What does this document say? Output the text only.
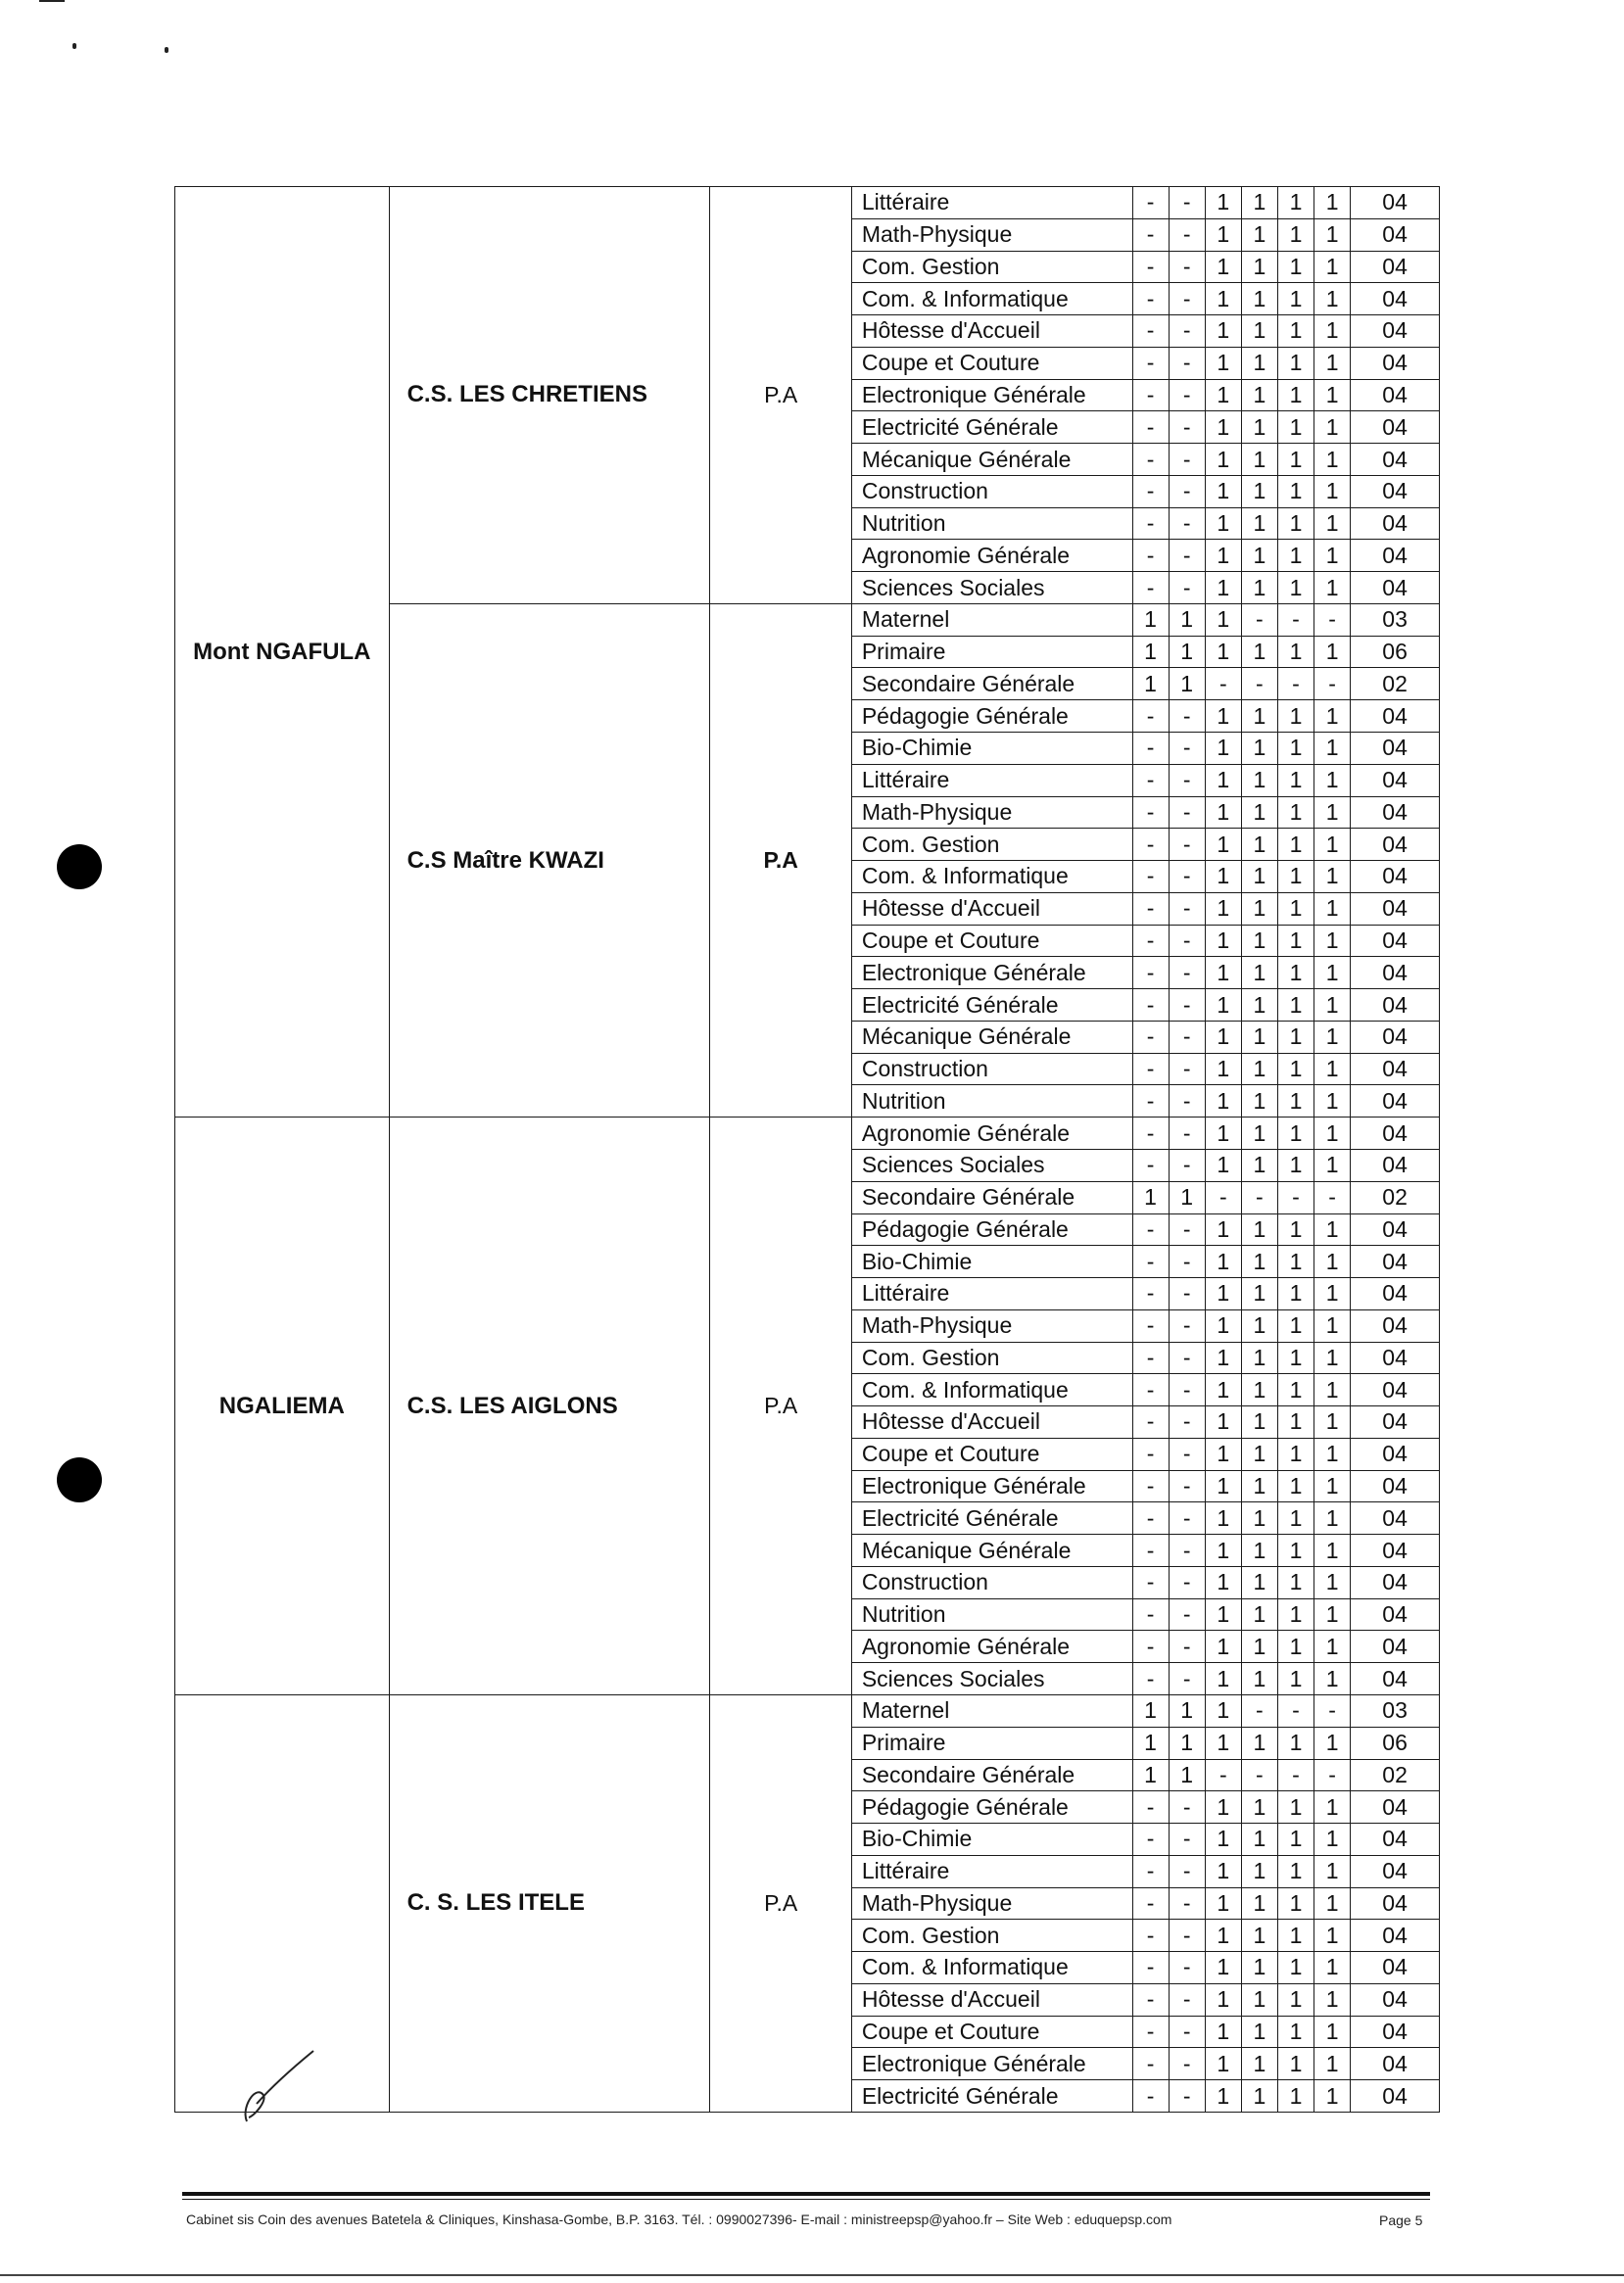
Mont NGAFULA	C.S. LES CHRETIENS	P.A	Littéraire	-	-	1	1	1	1	04
			Math-Physique	-	-	1	1	1	1	04
			Com. Gestion	-	-	1	1	1	1	04
			Com. & Informatique	-	-	1	1	1	1	04
			Hôtesse d'Accueil	-	-	1	1	1	1	04
			Coupe et Couture	-	-	1	1	1	1	04
			Electronique Générale	-	-	1	1	1	1	04
			Electricité Générale	-	-	1	1	1	1	04
			Mécanique Générale	-	-	1	1	1	1	04
			Construction	-	-	1	1	1	1	04
			Nutrition	-	-	1	1	1	1	04
			Agronomie Générale	-	-	1	1	1	1	04
			Sciences Sociales	-	-	1	1	1	1	04
	C.S Maître KWAZI	P.A	Maternel	1	1	1	-	-	-	03
			Primaire	1	1	1	1	1	1	06
			Secondaire Générale	1	1	-	-	-	-	02
			Pédagogie Générale	-	-	1	1	1	1	04
			Bio-Chimie	-	-	1	1	1	1	04
			Littéraire	-	-	1	1	1	1	04
			Math-Physique	-	-	1	1	1	1	04
			Com. Gestion	-	-	1	1	1	1	04
			Com. & Informatique	-	-	1	1	1	1	04
			Hôtesse d'Accueil	-	-	1	1	1	1	04
			Coupe et Couture	-	-	1	1	1	1	04
			Electronique Générale	-	-	1	1	1	1	04
			Electricité Générale	-	-	1	1	1	1	04
			Mécanique Générale	-	-	1	1	1	1	04
			Construction	-	-	1	1	1	1	04
			Nutrition	-	-	1	1	1	1	04
NGALIEMA	C.S. LES AIGLONS	P.A	Agronomie Générale	-	-	1	1	1	1	04
			Sciences Sociales	-	-	1	1	1	1	04
			Secondaire Générale	1	1	-	-	-	-	02
			Pédagogie Générale	-	-	1	1	1	1	04
			Bio-Chimie	-	-	1	1	1	1	04
			Littéraire	-	-	1	1	1	1	04
			Math-Physique	-	-	1	1	1	1	04
			Com. Gestion	-	-	1	1	1	1	04
			Com. & Informatique	-	-	1	1	1	1	04
			Hôtesse d'Accueil	-	-	1	1	1	1	04
			Coupe et Couture	-	-	1	1	1	1	04
			Electronique Générale	-	-	1	1	1	1	04
			Electricité Générale	-	-	1	1	1	1	04
			Mécanique Générale	-	-	1	1	1	1	04
			Construction	-	-	1	1	1	1	04
			Nutrition	-	-	1	1	1	1	04
			Agronomie Générale	-	-	1	1	1	1	04
			Sciences Sociales	-	-	1	1	1	1	04
	C. S. LES ITELE	P.A	Maternel	1	1	1	-	-	-	03
			Primaire	1	1	1	1	1	1	06
			Secondaire Générale	1	1	-	-	-	-	02
			Pédagogie Générale	-	-	1	1	1	1	04
			Bio-Chimie	-	-	1	1	1	1	04
			Littéraire	-	-	1	1	1	1	04
			Math-Physique	-	-	1	1	1	1	04
			Com. Gestion	-	-	1	1	1	1	04
			Com. & Informatique	-	-	1	1	1	1	04
			Hôtesse d'Accueil	-	-	1	1	1	1	04
			Coupe et Couture	-	-	1	1	1	1	04
			Electronique Générale	-	-	1	1	1	1	04
			Electricité Générale	-	-	1	1	1	1	04
Cabinet sis Coin des avenues Batetela & Cliniques, Kinshasa-Gombe, B.P. 3163. Tél. : 0990027396- E-mail : ministreepsp@yahoo.fr – Site Web : eduquepsp.com	Page 5
